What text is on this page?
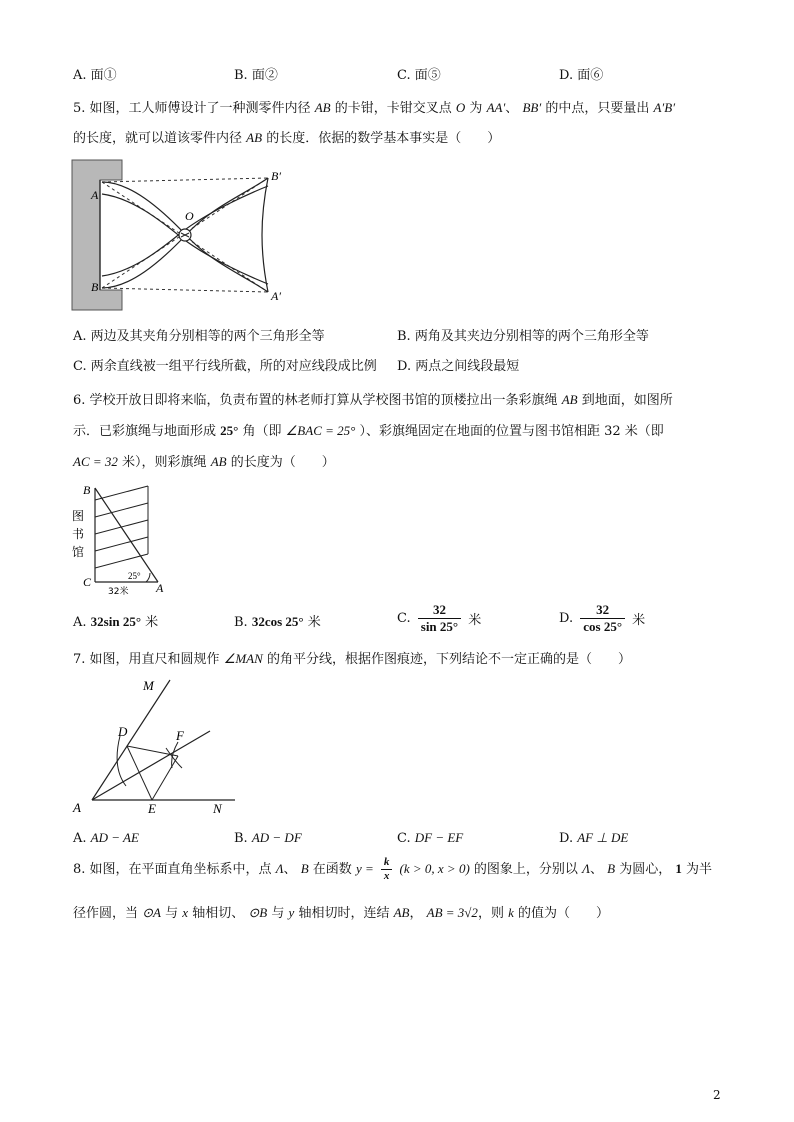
A. 面①	B. 面②	C. 面⑤	D. 面⑥
5. 如图，工人师傅设计了一种测零件内径 AB 的卡钳，卡钳交叉点 O 为 AA′、 BB′ 的中点，只要量出 A′B′
的长度，就可以道该零件内径 AB 的长度．依据的数学基本事实是（　　）
A
B
O
B′
A′
A. 两边及其夹角分别相等的两个三角形全等	B. 两角及其夹边分别相等的两个三角形全等
C. 两余直线被一组平行线所截，所的对应线段成比例 D. 两点之间线段最短
6. 学校开放日即将来临，负责布置的林老师打算从学校图书馆的顶楼拉出一条彩旗绳 AB 到地面，如图所
示．已彩旗绳与地面形成 25° 角（即 ∠BAC = 25° ）、彩旗绳固定在地面的位置与图书馆相距 32 米（即
AC = 32 米），则彩旗绳 AB 的长度为（　　）
B
C	A
25°
32米
图
书
馆
A. 32sin 25° 米	B. 32cos 25° 米	C. $\frac{32}{\sin 25^\circ}$ 米	D. $\frac{32}{\cos 25^\circ}$ 米
7. 如图，用直尺和圆规作 ∠MAN 的角平分线，根据作图痕迹，下列结论不一定正确的是（　　）
M
D	F
A	E	N
A. AD − AE	B. AD − DF	C. DF − EF	D. AF ⊥ DE
8. 如图，在平面直角坐标系中，点 Λ、 B 在函数 $y = \frac{k}{x} (k > 0$, x > 0) 的图象上，分别以 Λ、 B 为圆心， 1 为半
径作圆，当 ⊙A 与 x 轴相切、 ⊙B 与 y 轴相切时，连结 AB， AB = 3√2，则 k 的值为（　　）
2
